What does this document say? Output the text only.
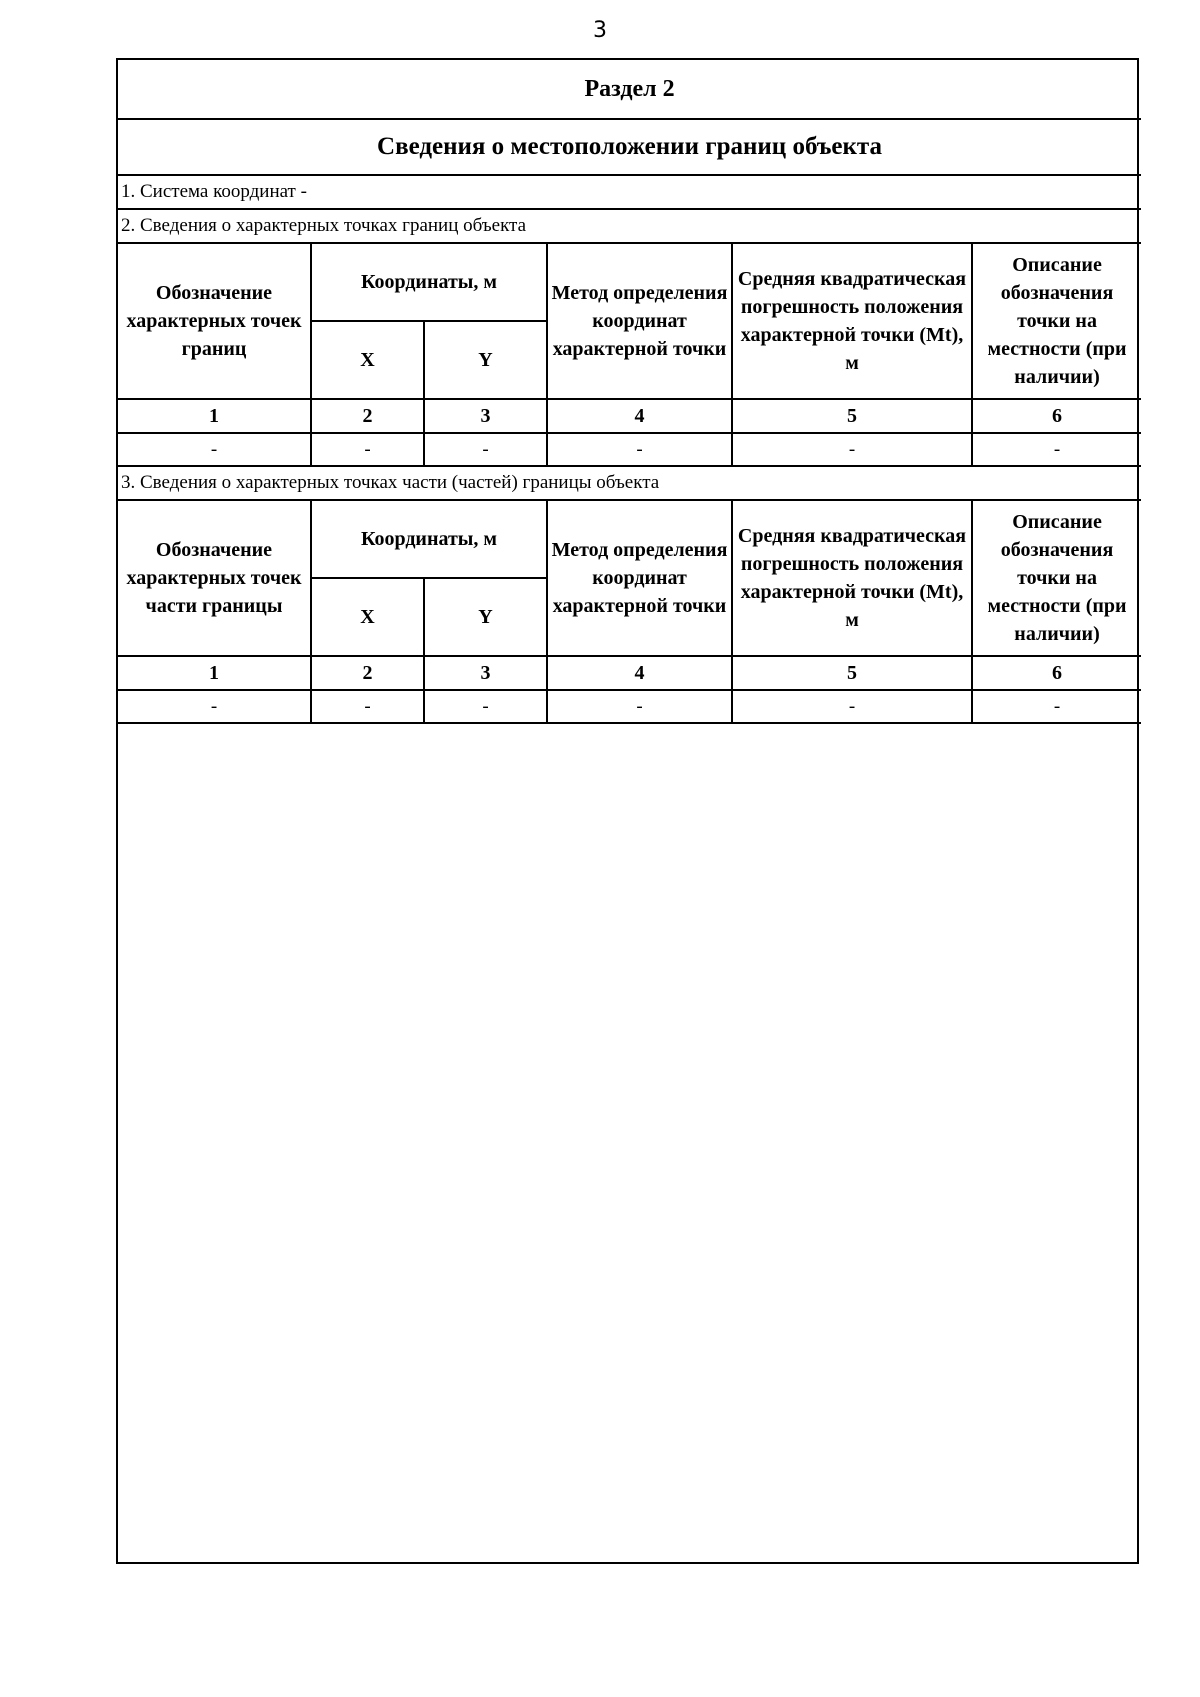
3
Раздел 2					
Сведения о местоположении границ объекта					
1. Система координат -					
2. Сведения о характерных точках границ объекта					

Обозначение характерных точек границ	Координаты, м		Метод определения координат характерной точки	Средняя квадратическая погрешность положения характерной точки (Mt), м	Описание обозначения точки на местности (при наличии)

	X	Y			
1	2	3	4	5	6
-	-	-	-	-	-
3. Сведения о характерных точках части (частей) границы объекта					

Обозначение характерных точек части границы	Координаты, м		Метод определения координат характерной точки	Средняя квадратическая погрешность положения характерной точки (Mt), м	Описание обозначения точки на местности (при наличии)

	X	Y			
1	2	3	4	5	6
-	-	-	-	-	-
